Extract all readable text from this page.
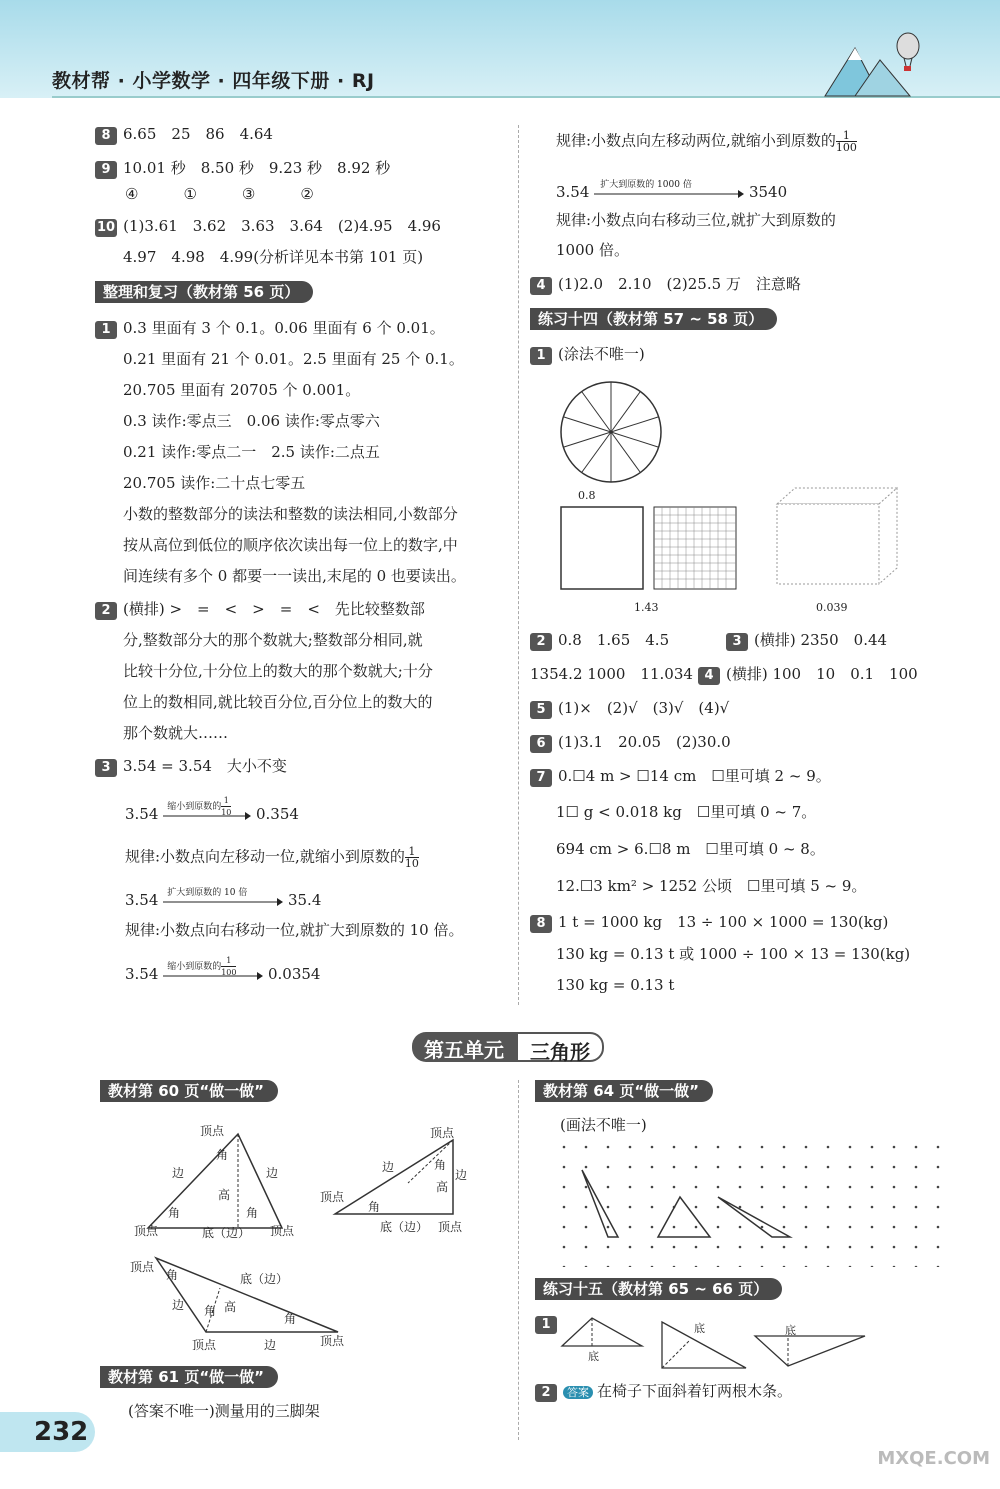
教材帮 · 小学数学 · 四年级下册 · RJ
8 6.65　25　86　4.64
9 10.01 秒　8.50 秒　9.23 秒　8.92 秒
④　　　①　　　③　　　②
10 (1)3.61　3.62　3.63　3.64　(2)4.95　4.96
4.97　4.98　4.99(分析详见本书第 101 页)
整理和复习（教材第 56 页）
1 0.3 里面有 3 个 0.1。0.06 里面有 6 个 0.01。
0.21 里面有 21 个 0.01。2.5 里面有 25 个 0.1。
20.705 里面有 20705 个 0.001。
0.3 读作:零点三　0.06 读作:零点零六
0.21 读作:零点二一　2.5 读作:二点五
20.705 读作:二十点七零五
小数的整数部分的读法和整数的读法相同,小数部分
按从高位到低位的顺序依次读出每一位上的数字,中
间连续有多个 0 都要一一读出,末尾的 0 也要读出。
2 (横排) >　=　<　>　=　<　先比较整数部
分,整数部分大的那个数就大;整数部分相同,就
比较十分位,十分位上的数大的那个数就大;十分
位上的数相同,就比较百分位,百分位上的数大的
那个数就大……
3 3.54 = 3.54　大小不变
3.54 缩小到原数的 $\frac{1}{10} 0.354$
规律:小数点向左移动一位,就缩小到原数的 $\frac{1}{10}$
3.54 扩大到原数的 10 倍	35.4
规律:小数点向右移动一位,就扩大到原数的 10 倍。
3.54 缩小到原数的 $\frac{1}{100} 0.0354$
规律:小数点向左移动两位,就缩小到原数的 $\frac{1}{100}$
3.54 扩大到原数的 1000 倍	3540
规律:小数点向右移动三位,就扩大到原数的
1000 倍。
4 (1)2.0　2.10　(2)25.5 万　注意略
练习十四（教材第 57 ~ 58 页）
1 (涂法不唯一)
0.8
1.43	0.039
2 0.8　1.65　4.5	3 (横排) 2350　0.44
1354.2 1000　11.034 4 (横排) 100　10　0.1　100
5 (1)×　(2)√　(3)√　(4)√
6 (1)3.1　20.05　(2)30.0
7 0.☐4 m > ☐14 cm　☐里可填 2 ~ 9。
1☐ g < 0.018 kg　☐里可填 0 ~ 7。
694 cm > 6.☐8 m　☐里可填 0 ~ 8。
12.☐3 km² > 1252 公顷　☐里可填 5 ~ 9。
8 1 t = 1000 kg　13 ÷ 100 × 1000 = 130(kg)
130 kg = 0.13 t 或 1000 ÷ 100 × 13 = 130(kg)
130 kg = 0.13 t
第五单元	三角形
教材第 60 页“做一做”
顶点
角
边	边
高
角	角
顶点	底（边） 顶点
顶点
边
边
角
高
顶点
角
底（边） 顶点
顶点
角	底（边）
边 角 高
角
顶点	边	顶点
教材第 61 页“做一做”
(答案不唯一)测量用的三脚架
教材第 64 页“做一做”
(画法不唯一)
练习十五（教材第 65 ~ 66 页）
1
底
底	底
2 答案 在椅子下面斜着钉两根木条。
232
MXQE.COM
